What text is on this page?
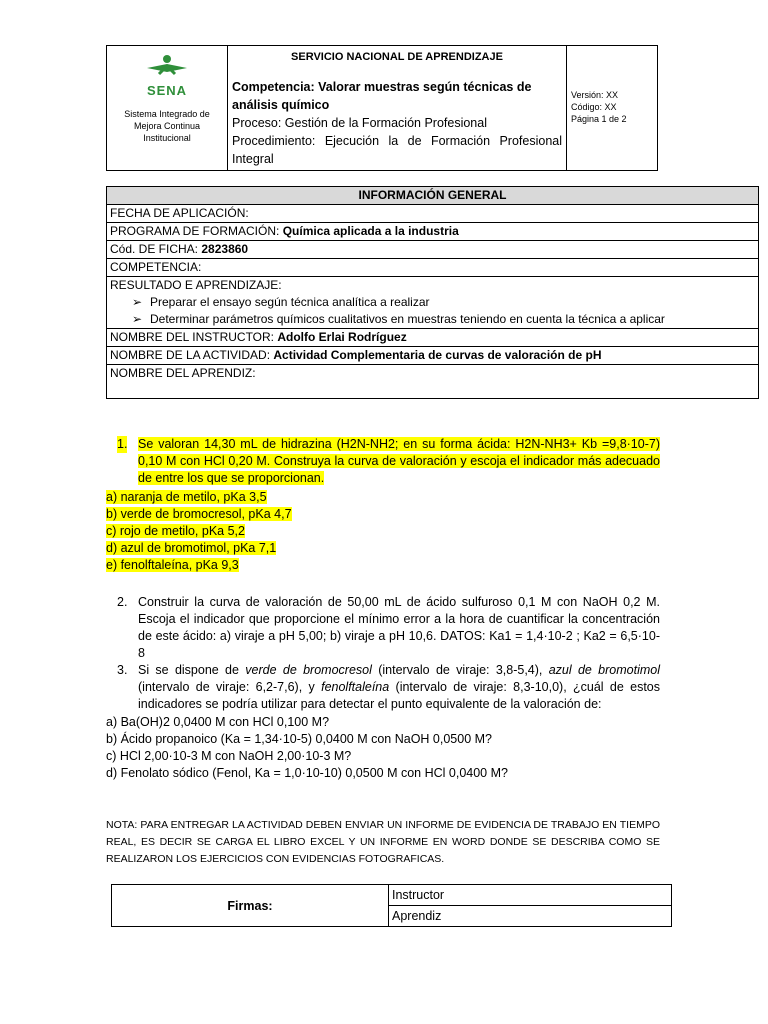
SENA
Sistema Integrado de
Mejora Continua
Institucional

SERVICIO NACIONAL DE APRENDIZAJE
Competencia: Valorar muestras según técnicas de análisis químico
Proceso: Gestión de la Formación Profesional
Procedimiento: Ejecución la de Formación Profesional Integral

Versión: XX
Código: XX
Página 1 de 2
INFORMACIÓN GENERAL
FECHA DE APLICACIÓN:
PROGRAMA DE FORMACIÓN: Química aplicada a la industria
Cód. DE FICHA: 2823860
COMPETENCIA:

RESULTADO E APRENDIZAJE:
➢ Preparar el ensayo según técnica analítica a realizar
➢ Determinar parámetros químicos cualitativos en muestras teniendo en cuenta la técnica a aplicar

NOMBRE DEL INSTRUCTOR: Adolfo Erlai Rodríguez
NOMBRE DE LA ACTIVIDAD: Actividad Complementaria de curvas de valoración de pH
NOMBRE DEL APRENDIZ:
1. Se valoran 14,30 mL de hidrazina (H2N-NH2; en su forma ácida: H2N-NH3+ Kb =9,8·10-7) 0,10 M con HCl 0,20 M. Construya la curva de valoración y escoja el indicador más adecuado de entre los que se proporcionan.
a) naranja de metilo, pKa 3,5
b) verde de bromocresol, pKa 4,7
c) rojo de metilo, pKa 5,2
d) azul de bromotimol, pKa 7,1
e) fenolftaleína, pKa 9,3
2. Construir la curva de valoración de 50,00 mL de ácido sulfuroso 0,1 M con NaOH 0,2 M. Escoja el indicador que proporcione el mínimo error a la hora de cuantificar la concentración de este ácido: a) viraje a pH 5,00; b) viraje a pH 10,6. DATOS: Ka1 = 1,4·10-2 ; Ka2 = 6,5·10-8
3. Si se dispone de verde de bromocresol (intervalo de viraje: 3,8-5,4), azul de bromotimol (intervalo de viraje: 6,2-7,6), y fenolftaleína (intervalo de viraje: 8,3-10,0), ¿cuál de estos indicadores se podría utilizar para detectar el punto equivalente de la valoración de:
a) Ba(OH)2 0,0400 M con HCl 0,100 M?
b) Ácido propanoico (Ka = 1,34·10-5) 0,0400 M con NaOH 0,0500 M?
c) HCl 2,00·10-3 M con NaOH 2,00·10-3 M?
d) Fenolato sódico (Fenol, Ka = 1,0·10-10) 0,0500 M con HCl 0,0400 M?
NOTA: PARA ENTREGAR LA ACTIVIDAD DEBEN ENVIAR UN INFORME DE EVIDENCIA DE TRABAJO EN TIEMPO REAL, ES DECIR SE CARGA EL LIBRO EXCEL Y UN INFORME EN WORD DONDE SE DESCRIBA COMO SE REALIZARON LOS EJERCICIOS CON EVIDENCIAS FOTOGRAFICAS.
Firmas:	Instructor
Aprendiz
